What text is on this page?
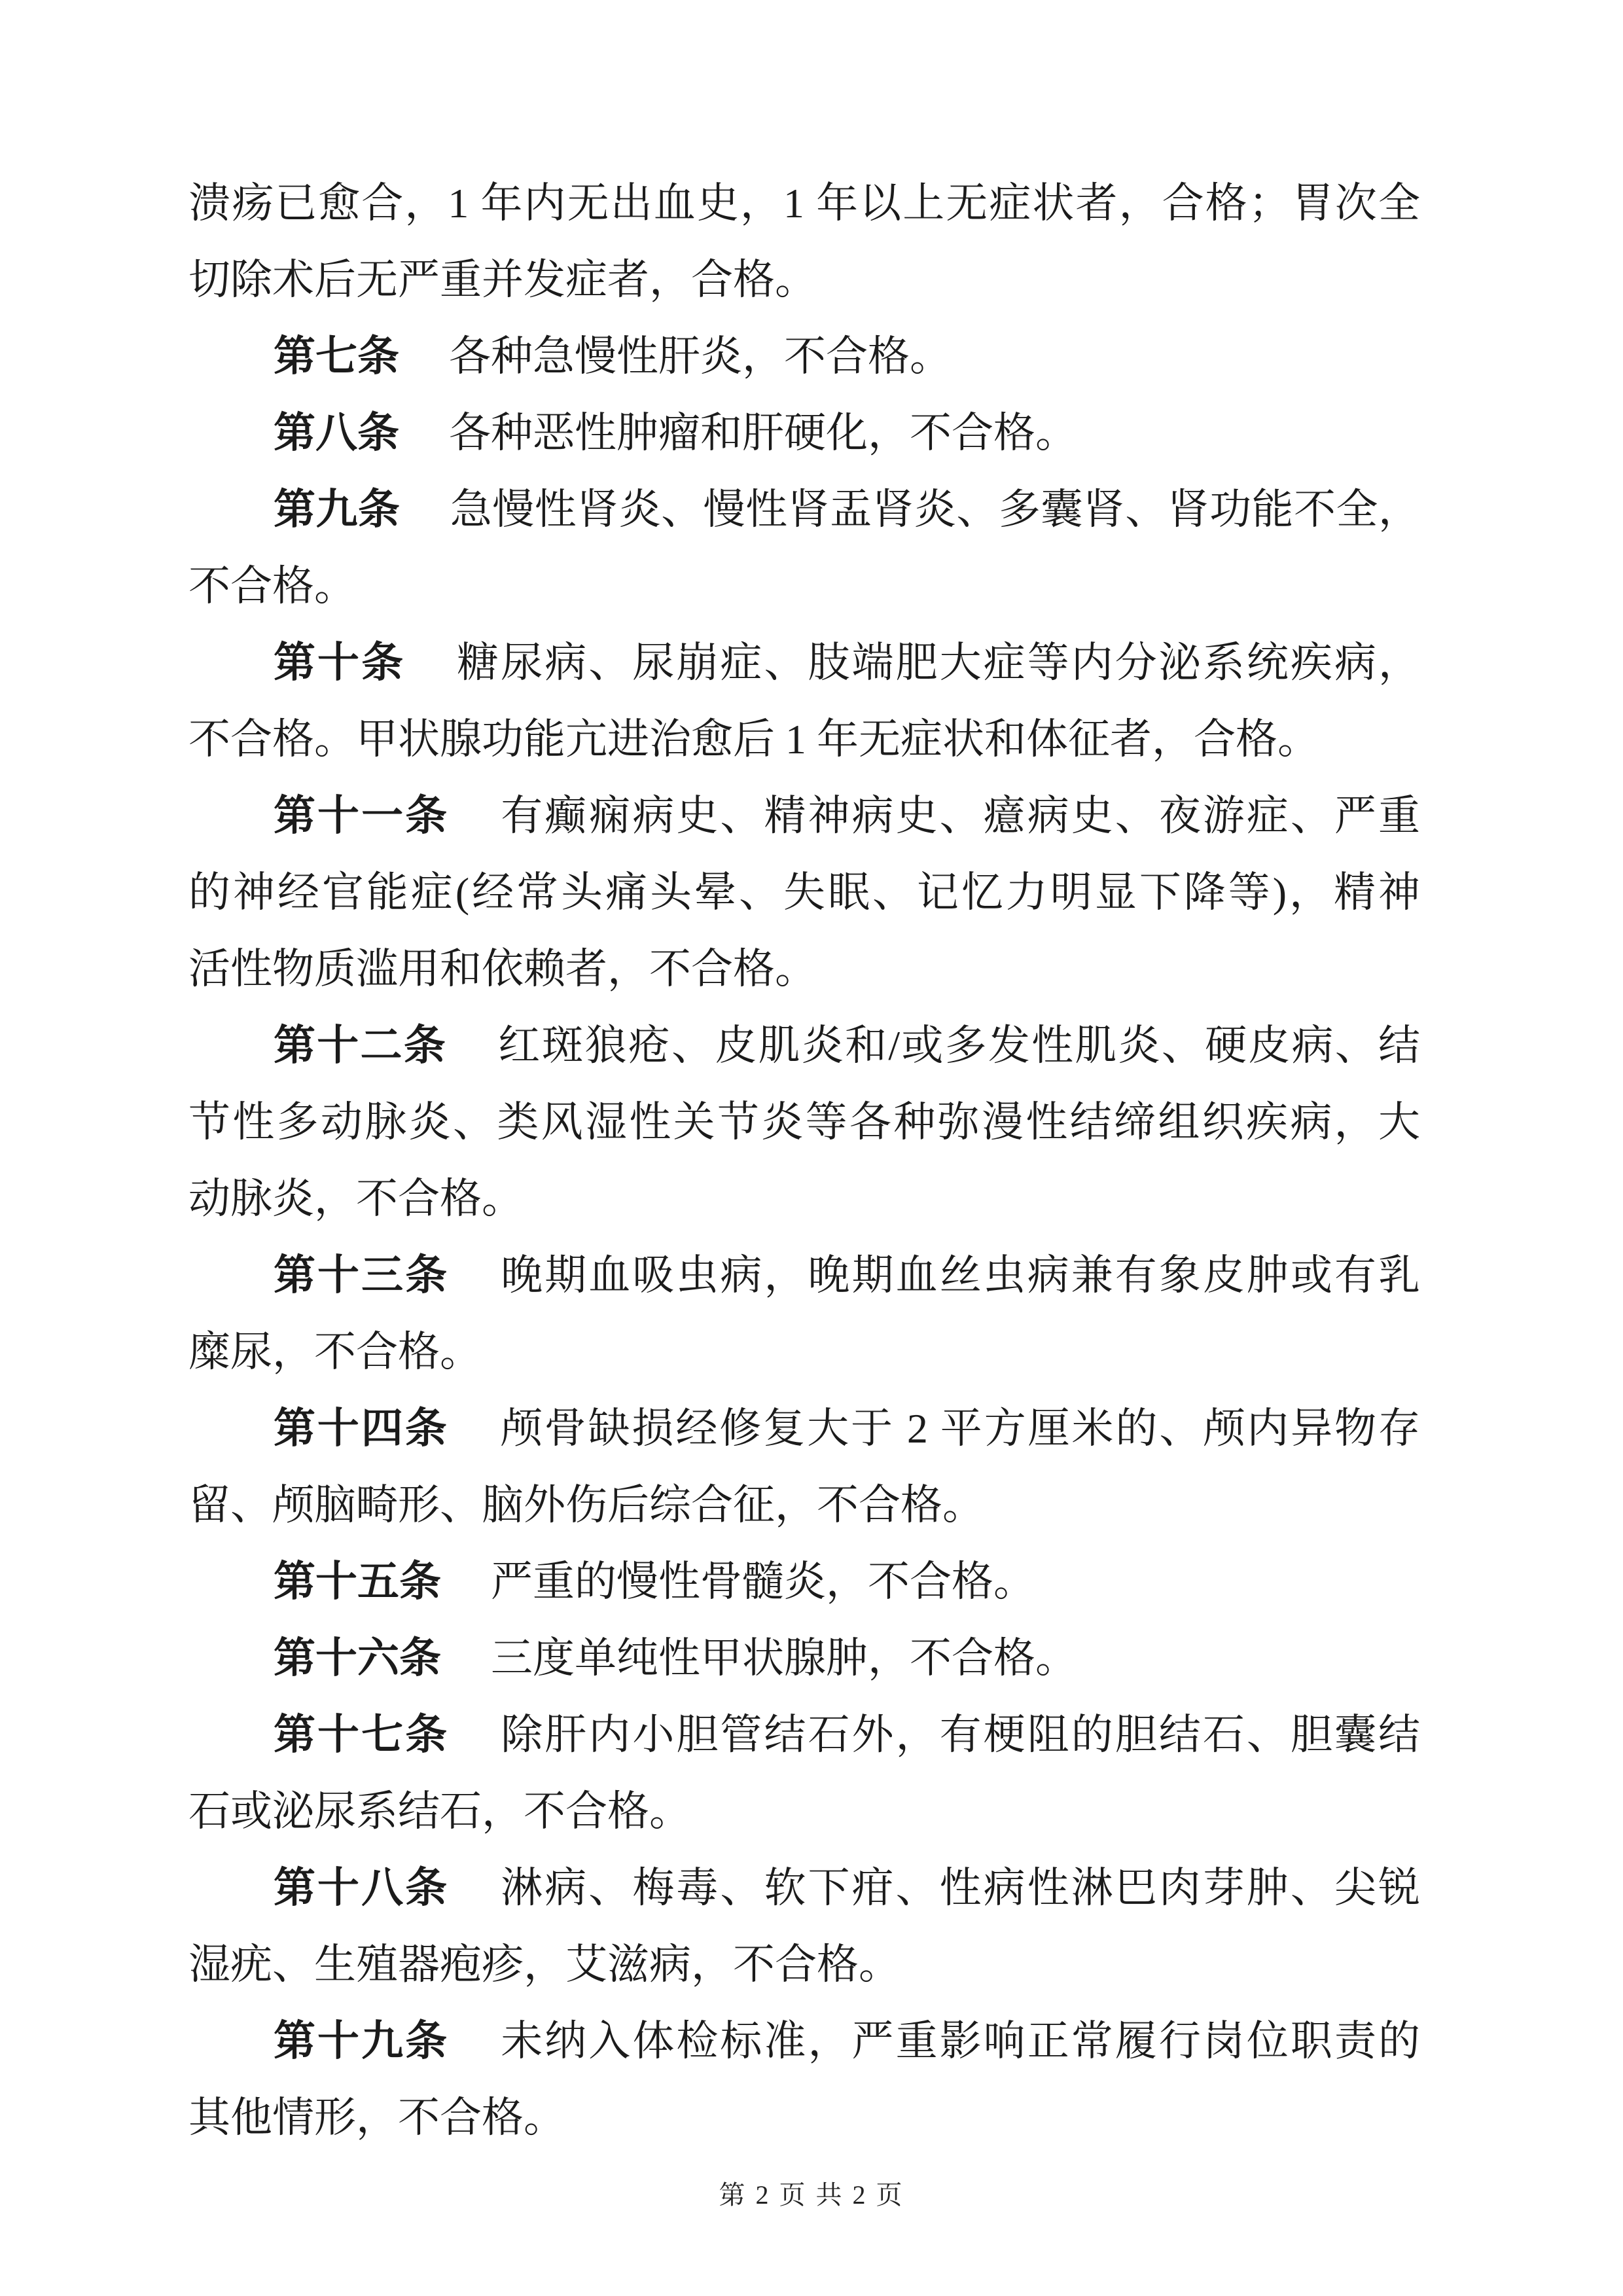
溃疡已愈合，1 年内无出血史，1 年以上无症状者，合格；胃次全
切除术后无严重并发症者，合格。
第七条 各种急慢性肝炎，不合格。
第八条 各种恶性肿瘤和肝硬化，不合格。
第九条 急慢性肾炎、慢性肾盂肾炎、多囊肾、肾功能不全，
不合格。
第十条 糖尿病、尿崩症、肢端肥大症等内分泌系统疾病，
不合格。甲状腺功能亢进治愈后 1 年无症状和体征者，合格。
第十一条 有癫痫病史、精神病史、癔病史、夜游症、严重
的神经官能症(经常头痛头晕、失眠、记忆力明显下降等)，精神
活性物质滥用和依赖者，不合格。
第十二条 红斑狼疮、皮肌炎和/或多发性肌炎、硬皮病、结
节性多动脉炎、类风湿性关节炎等各种弥漫性结缔组织疾病，大
动脉炎，不合格。
第十三条 晚期血吸虫病，晚期血丝虫病兼有象皮肿或有乳
糜尿，不合格。
第十四条 颅骨缺损经修复大于 2 平方厘米的、颅内异物存
留、颅脑畸形、脑外伤后综合征，不合格。
第十五条 严重的慢性骨髓炎，不合格。
第十六条 三度单纯性甲状腺肿，不合格。
第十七条 除肝内小胆管结石外，有梗阻的胆结石、胆囊结
石或泌尿系结石，不合格。
第十八条 淋病、梅毒、软下疳、性病性淋巴肉芽肿、尖锐
湿疣、生殖器疱疹，艾滋病，不合格。
第十九条 未纳入体检标准，严重影响正常履行岗位职责的
其他情形，不合格。
第 2 页 共 2 页
